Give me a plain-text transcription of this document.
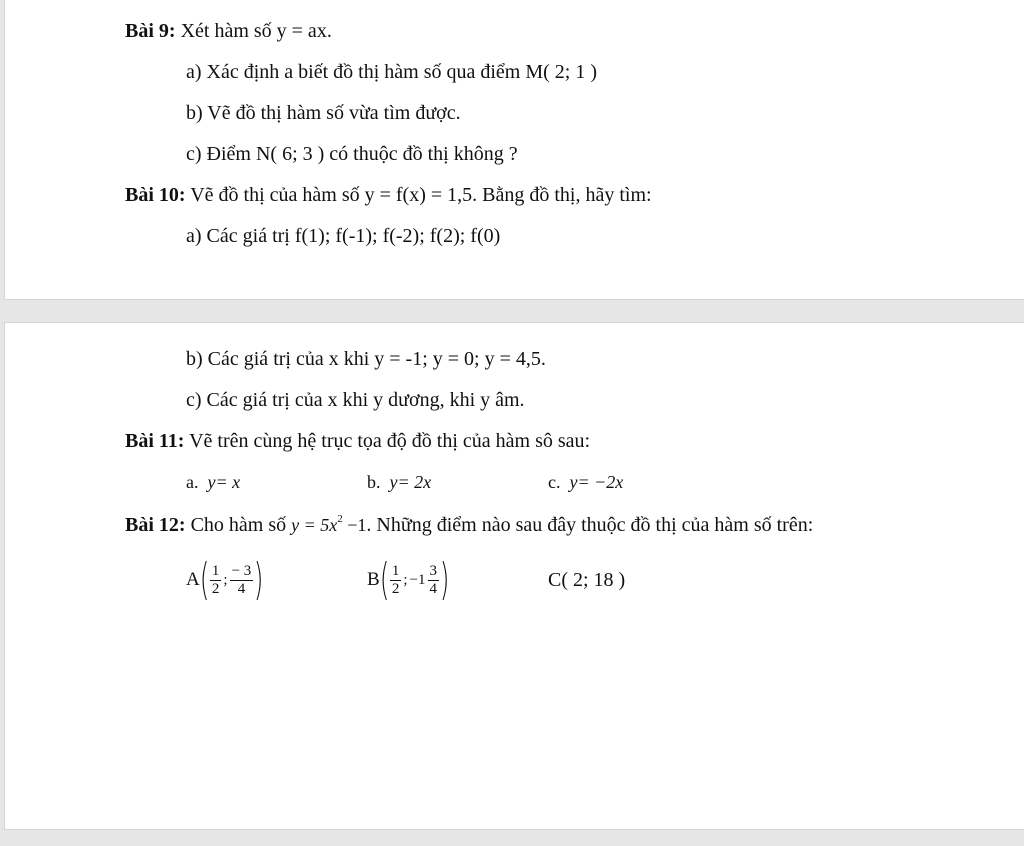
Bài 9: Xét hàm số y = ax.
a) Xác định a biết đồ thị hàm số qua điểm M( 2; 1 )
b) Vẽ đồ thị hàm số vừa tìm được.
c) Điểm N( 6; 3 ) có thuộc đồ thị không ?
Bài 10: Vẽ đồ thị của hàm số y = f(x) = 1,5. Bằng đồ thị, hãy tìm:
a) Các giá trị f(1); f(-1); f(-2); f(2); f(0)
b) Các giá trị của x khi y = -1; y = 0; y = 4,5.
c) Các giá trị của x khi y dương, khi y âm.
Bài 11: Vẽ trên cùng hệ trục tọa độ đồ thị của hàm sô sau:
a. y= x	b. y= 2x	c. y= −2x
Bài 12: Cho hàm số $y = 5x^2 -1$. Những điểm nào sau đây thuộc đồ thị của hàm số trên:
A ( $\frac{1}{2}$ ; $\frac{- 3}{4}$ )	B ( $\frac{1}{2}$ ; $-1 \frac{3}{4}$ )	C( 2; 18 )
